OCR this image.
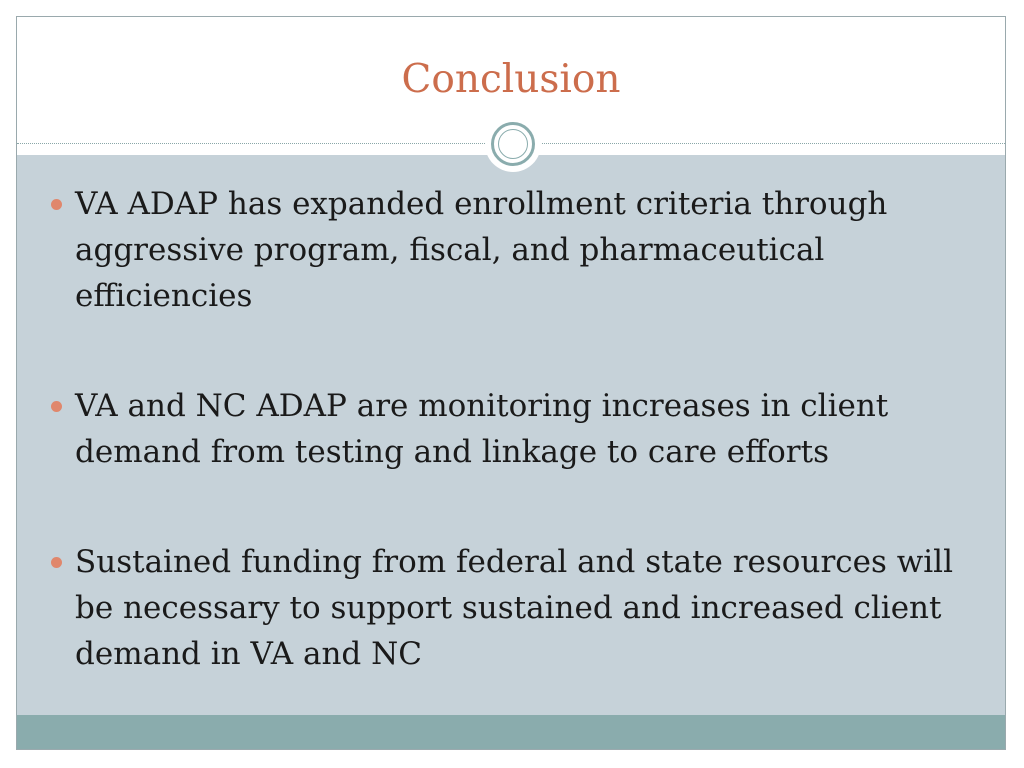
Conclusion
VA ADAP has expanded enrollment criteria through aggressive program, fiscal, and pharmaceutical efficiencies
VA and NC ADAP are monitoring increases in client demand from testing and linkage to care efforts
Sustained funding from federal and state resources will be necessary to support sustained and increased client demand in VA and NC
